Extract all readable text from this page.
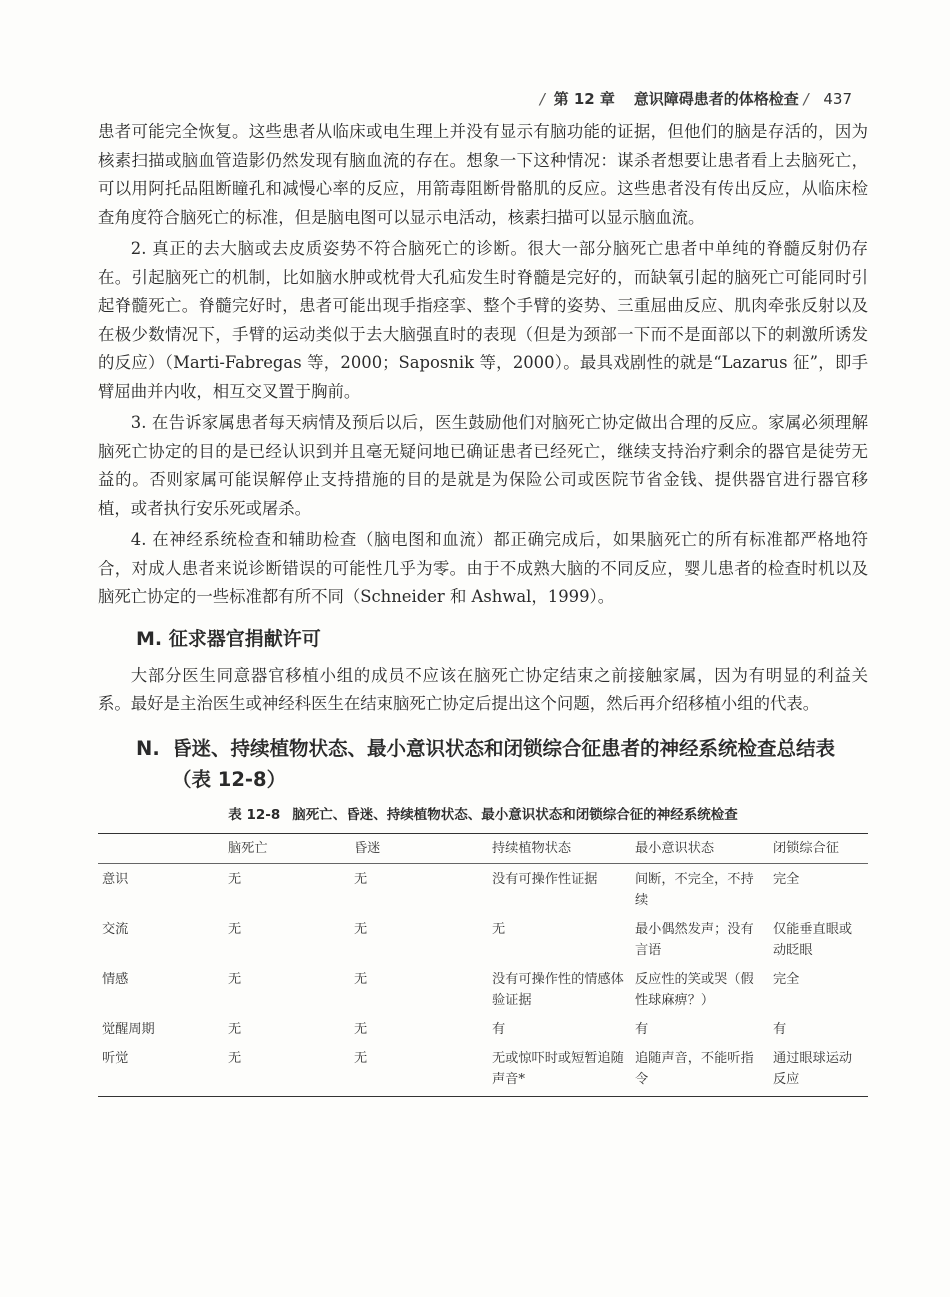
/ 第 12 章 意识障碍患者的体格检查 / 437

患者可能完全恢复。这些患者从临床或电生理上并没有显示有脑功能的证据，但他们的脑是存活的，因为核素扫描或脑血管造影仍然发现有脑血流的存在。想象一下这种情况：谋杀者想要让患者看上去脑死亡，可以用阿托品阻断瞳孔和减慢心率的反应，用箭毒阻断骨骼肌的反应。这些患者没有传出反应，从临床检查角度符合脑死亡的标准，但是脑电图可以显示电活动，核素扫描可以显示脑血流。

2. 真正的去大脑或去皮质姿势不符合脑死亡的诊断。很大一部分脑死亡患者中单纯的脊髓反射仍存在。引起脑死亡的机制，比如脑水肿或枕骨大孔疝发生时脊髓是完好的，而缺氧引起的脑死亡可能同时引起脊髓死亡。脊髓完好时，患者可能出现手指痉挛、整个手臂的姿势、三重屈曲反应、肌肉牵张反射以及在极少数情况下，手臂的运动类似于去大脑强直时的表现（但是为颈部一下而不是面部以下的刺激所诱发的反应）（Marti-Fabregas 等，2000；Saposnik 等，2000）。最具戏剧性的就是“Lazarus 征”，即手臂屈曲并内收，相互交叉置于胸前。

3. 在告诉家属患者每天病情及预后以后，医生鼓励他们对脑死亡协定做出合理的反应。家属必须理解脑死亡协定的目的是已经认识到并且毫无疑问地已确证患者已经死亡，继续支持治疗剩余的器官是徒劳无益的。否则家属可能误解停止支持措施的目的是就是为保险公司或医院节省金钱、提供器官进行器官移植，或者执行安乐死或屠杀。

4. 在神经系统检查和辅助检查（脑电图和血流）都正确完成后，如果脑死亡的所有标准都严格地符合，对成人患者来说诊断错误的可能性几乎为零。由于不成熟大脑的不同反应，婴儿患者的检查时机以及脑死亡协定的一些标准都有所不同（Schneider 和 Ashwal，1999）。

M. 征求器官捐献许可

大部分医生同意器官移植小组的成员不应该在脑死亡协定结束之前接触家属，因为有明显的利益关系。最好是主治医生或神经科医生在结束脑死亡协定后提出这个问题，然后再介绍移植小组的代表。

N. 昏迷、持续植物状态、最小意识状态和闭锁综合征患者的神经系统检查总结表（表 12-8）
表 12-8 脑死亡、昏迷、持续植物状态、最小意识状态和闭锁综合征的神经系统检查
	脑死亡	昏迷	持续植物状态	最小意识状态	闭锁综合征
意识	无	无	没有可操作性证据	间断，不完全，不持续	完全
交流	无	无	无	最小偶然发声；没有言语	仅能垂直眼或动眨眼
情感	无	无	没有可操作性的情感体验证据	反应性的笑或哭（假性球麻痹？）	完全
觉醒周期	无	无	有	有	有
听觉	无	无	无或惊吓时或短暂追随声音*	追随声音，不能听指令	通过眼球运动反应
